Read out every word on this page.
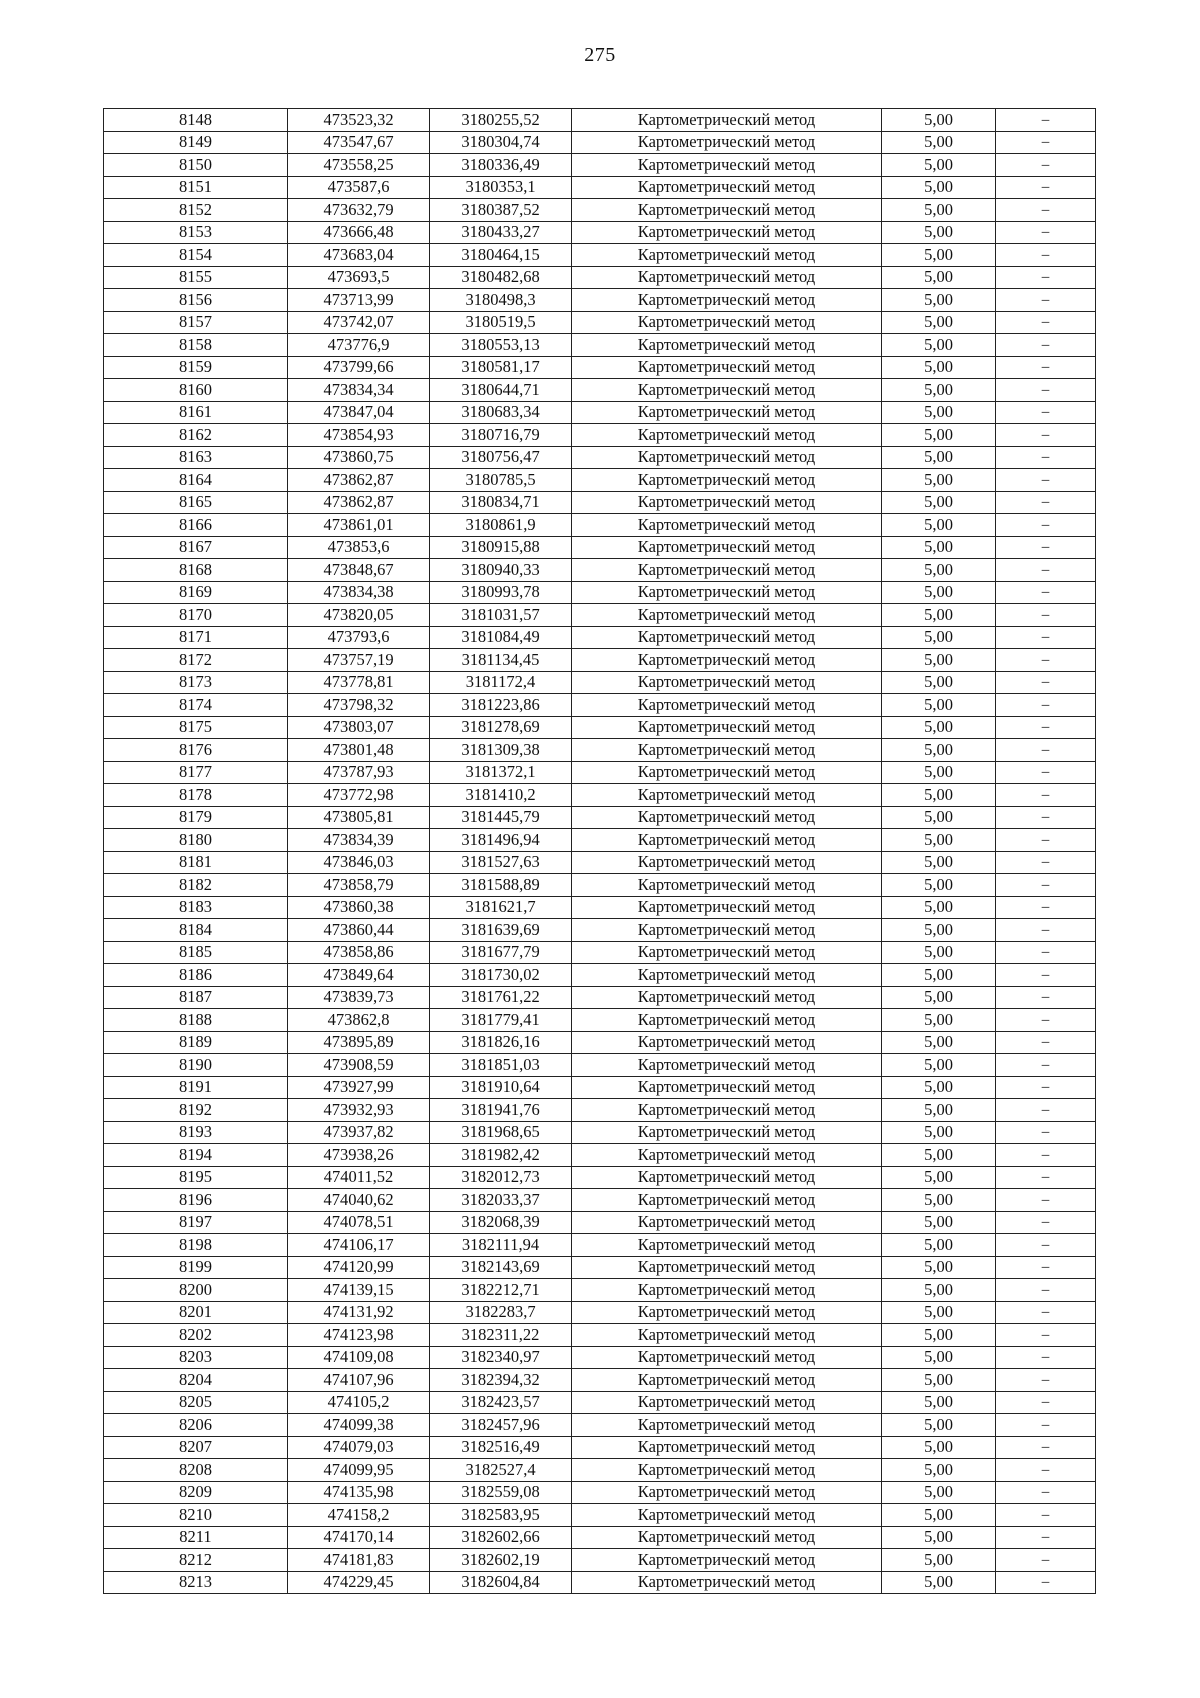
275
8148	473523,32	3180255,52	Картометрический метод	5,00	–
8149	473547,67	3180304,74	Картометрический метод	5,00	–
8150	473558,25	3180336,49	Картометрический метод	5,00	–
8151	473587,6	3180353,1	Картометрический метод	5,00	–
8152	473632,79	3180387,52	Картометрический метод	5,00	–
8153	473666,48	3180433,27	Картометрический метод	5,00	–
8154	473683,04	3180464,15	Картометрический метод	5,00	–
8155	473693,5	3180482,68	Картометрический метод	5,00	–
8156	473713,99	3180498,3	Картометрический метод	5,00	–
8157	473742,07	3180519,5	Картометрический метод	5,00	–
8158	473776,9	3180553,13	Картометрический метод	5,00	–
8159	473799,66	3180581,17	Картометрический метод	5,00	–
8160	473834,34	3180644,71	Картометрический метод	5,00	–
8161	473847,04	3180683,34	Картометрический метод	5,00	–
8162	473854,93	3180716,79	Картометрический метод	5,00	–
8163	473860,75	3180756,47	Картометрический метод	5,00	–
8164	473862,87	3180785,5	Картометрический метод	5,00	–
8165	473862,87	3180834,71	Картометрический метод	5,00	–
8166	473861,01	3180861,9	Картометрический метод	5,00	–
8167	473853,6	3180915,88	Картометрический метод	5,00	–
8168	473848,67	3180940,33	Картометрический метод	5,00	–
8169	473834,38	3180993,78	Картометрический метод	5,00	–
8170	473820,05	3181031,57	Картометрический метод	5,00	–
8171	473793,6	3181084,49	Картометрический метод	5,00	–
8172	473757,19	3181134,45	Картометрический метод	5,00	–
8173	473778,81	3181172,4	Картометрический метод	5,00	–
8174	473798,32	3181223,86	Картометрический метод	5,00	–
8175	473803,07	3181278,69	Картометрический метод	5,00	–
8176	473801,48	3181309,38	Картометрический метод	5,00	–
8177	473787,93	3181372,1	Картометрический метод	5,00	–
8178	473772,98	3181410,2	Картометрический метод	5,00	–
8179	473805,81	3181445,79	Картометрический метод	5,00	–
8180	473834,39	3181496,94	Картометрический метод	5,00	–
8181	473846,03	3181527,63	Картометрический метод	5,00	–
8182	473858,79	3181588,89	Картометрический метод	5,00	–
8183	473860,38	3181621,7	Картометрический метод	5,00	–
8184	473860,44	3181639,69	Картометрический метод	5,00	–
8185	473858,86	3181677,79	Картометрический метод	5,00	–
8186	473849,64	3181730,02	Картометрический метод	5,00	–
8187	473839,73	3181761,22	Картометрический метод	5,00	–
8188	473862,8	3181779,41	Картометрический метод	5,00	–
8189	473895,89	3181826,16	Картометрический метод	5,00	–
8190	473908,59	3181851,03	Картометрический метод	5,00	–
8191	473927,99	3181910,64	Картометрический метод	5,00	–
8192	473932,93	3181941,76	Картометрический метод	5,00	–
8193	473937,82	3181968,65	Картометрический метод	5,00	–
8194	473938,26	3181982,42	Картометрический метод	5,00	–
8195	474011,52	3182012,73	Картометрический метод	5,00	–
8196	474040,62	3182033,37	Картометрический метод	5,00	–
8197	474078,51	3182068,39	Картометрический метод	5,00	–
8198	474106,17	3182111,94	Картометрический метод	5,00	–
8199	474120,99	3182143,69	Картометрический метод	5,00	–
8200	474139,15	3182212,71	Картометрический метод	5,00	–
8201	474131,92	3182283,7	Картометрический метод	5,00	–
8202	474123,98	3182311,22	Картометрический метод	5,00	–
8203	474109,08	3182340,97	Картометрический метод	5,00	–
8204	474107,96	3182394,32	Картометрический метод	5,00	–
8205	474105,2	3182423,57	Картометрический метод	5,00	–
8206	474099,38	3182457,96	Картометрический метод	5,00	–
8207	474079,03	3182516,49	Картометрический метод	5,00	–
8208	474099,95	3182527,4	Картометрический метод	5,00	–
8209	474135,98	3182559,08	Картометрический метод	5,00	–
8210	474158,2	3182583,95	Картометрический метод	5,00	–
8211	474170,14	3182602,66	Картометрический метод	5,00	–
8212	474181,83	3182602,19	Картометрический метод	5,00	–
8213	474229,45	3182604,84	Картометрический метод	5,00	–
